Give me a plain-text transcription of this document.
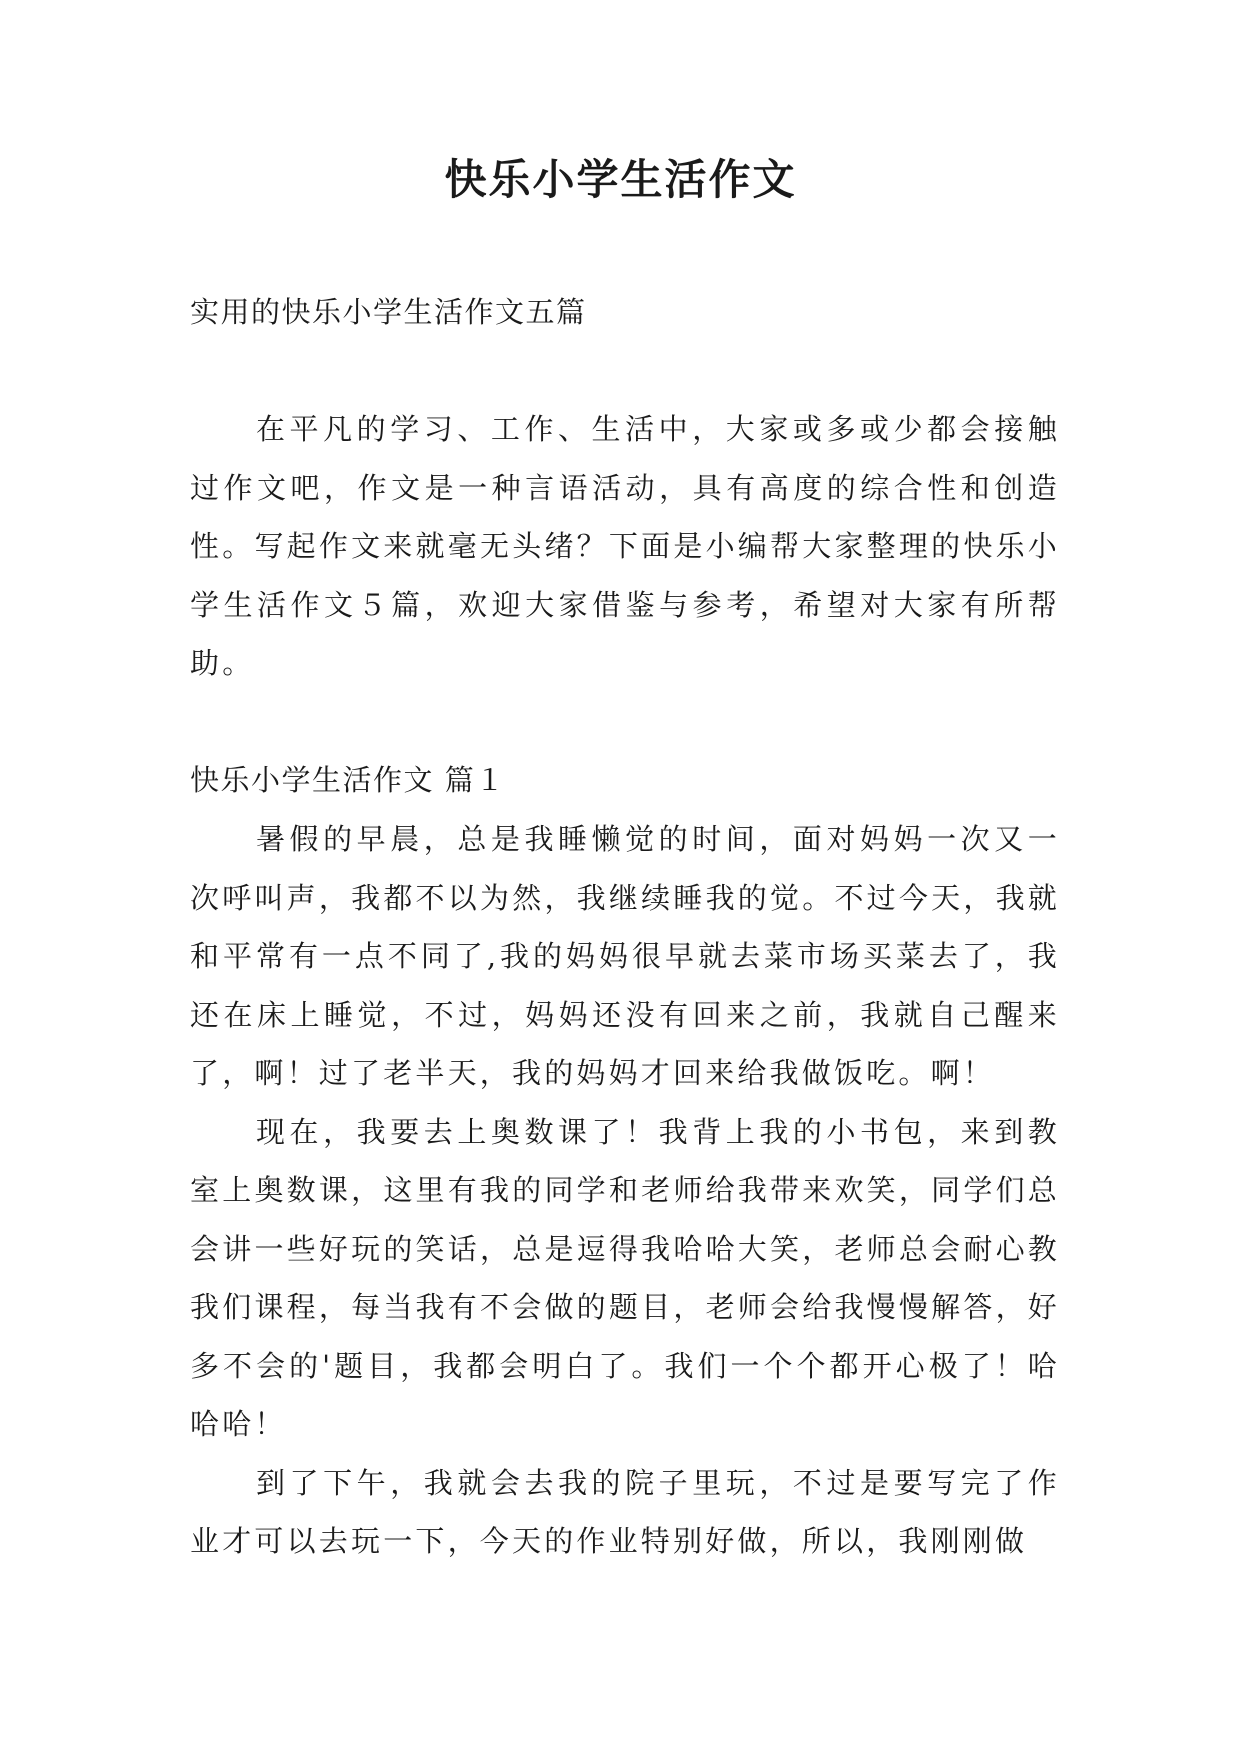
快乐小学生活作文

实用的快乐小学生活作文五篇

在平凡的学习、工作、生活中，大家或多或少都会接触过作文吧，作文是一种言语活动，具有高度的综合性和创造性。写起作文来就毫无头绪？下面是小编帮大家整理的快乐小学生活作文５篇，欢迎大家借鉴与参考，希望对大家有所帮助。

快乐小学生活作文 篇１

暑假的早晨，总是我睡懒觉的时间，面对妈妈一次又一次呼叫声，我都不以为然，我继续睡我的觉。不过今天，我就和平常有一点不同了,我的妈妈很早就去菜市场买菜去了，我还在床上睡觉，不过，妈妈还没有回来之前，我就自己醒来了，啊！过了老半天，我的妈妈才回来给我做饭吃。啊！

现在，我要去上奥数课了！我背上我的小书包，来到教室上奥数课，这里有我的同学和老师给我带来欢笑，同学们总会讲一些好玩的笑话，总是逗得我哈哈大笑，老师总会耐心教我们课程，每当我有不会做的题目，老师会给我慢慢解答，好多不会的'题目，我都会明白了。我们一个个都开心极了！哈哈哈！

到了下午，我就会去我的院子里玩，不过是要写完了作业才可以去玩一下，今天的作业特别好做，所以，我刚刚做
